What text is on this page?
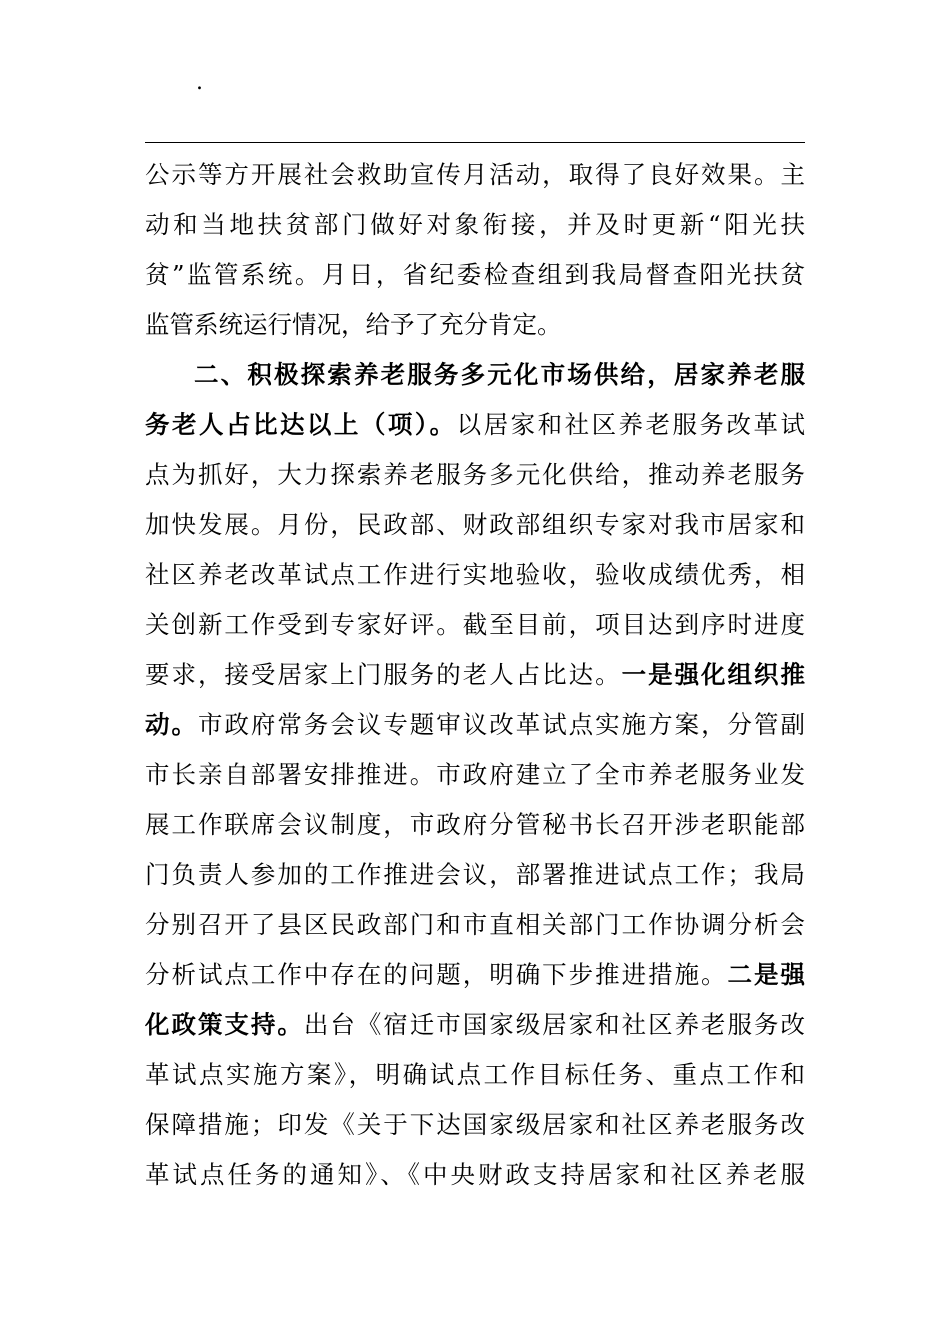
.
公示等方开展社会救助宣传月活动，取得了良好效果。主
动和当地扶贫部门做好对象衔接，并及时更新“阳光扶
贫”监管系统。月日，省纪委检查组到我局督查阳光扶贫
监管系统运行情况，给予了充分肯定。
二、积极探索养老服务多元化市场供给，居家养老服
务老人占比达以上（项）。以居家和社区养老服务改革试
点为抓好，大力探索养老服务多元化供给，推动养老服务
加快发展。月份，民政部、财政部组织专家对我市居家和
社区养老改革试点工作进行实地验收，验收成绩优秀，相
关创新工作受到专家好评。截至目前，项目达到序时进度
要求，接受居家上门服务的老人占比达。一是强化组织推
动。市政府常务会议专题审议改革试点实施方案，分管副
市长亲自部署安排推进。市政府建立了全市养老服务业发
展工作联席会议制度，市政府分管秘书长召开涉老职能部
门负责人参加的工作推进会议，部署推进试点工作；我局
分别召开了县区民政部门和市直相关部门工作协调分析会
分析试点工作中存在的问题，明确下步推进措施。二是强
化政策支持。出台《宿迁市国家级居家和社区养老服务改
革试点实施方案》，明确试点工作目标任务、重点工作和
保障措施；印发《关于下达国家级居家和社区养老服务改
革试点任务的通知》、《中央财政支持居家和社区养老服
